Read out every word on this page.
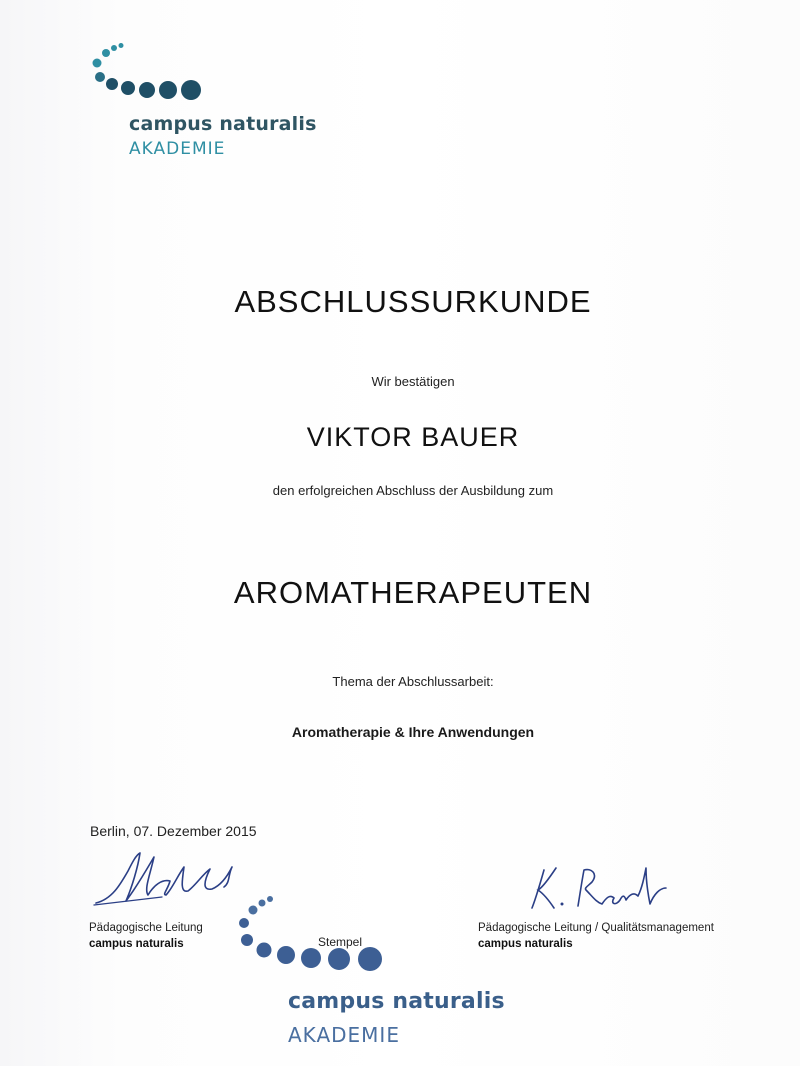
campus naturalis
AKADEMIE
ABSCHLUSSURKUNDE
Wir bestätigen
VIKTOR BAUER
den erfolgreichen Abschluss der Ausbildung zum
AROMATHERAPEUTEN
Thema der Abschlussarbeit:
Aromatherapie & Ihre Anwendungen
Berlin, 07. Dezember 2015
Pädagogische Leitung
campus naturalis
Pädagogische Leitung / Qualitätsmanagement
campus naturalis
campus naturalis
AKADEMIE
Stempel
